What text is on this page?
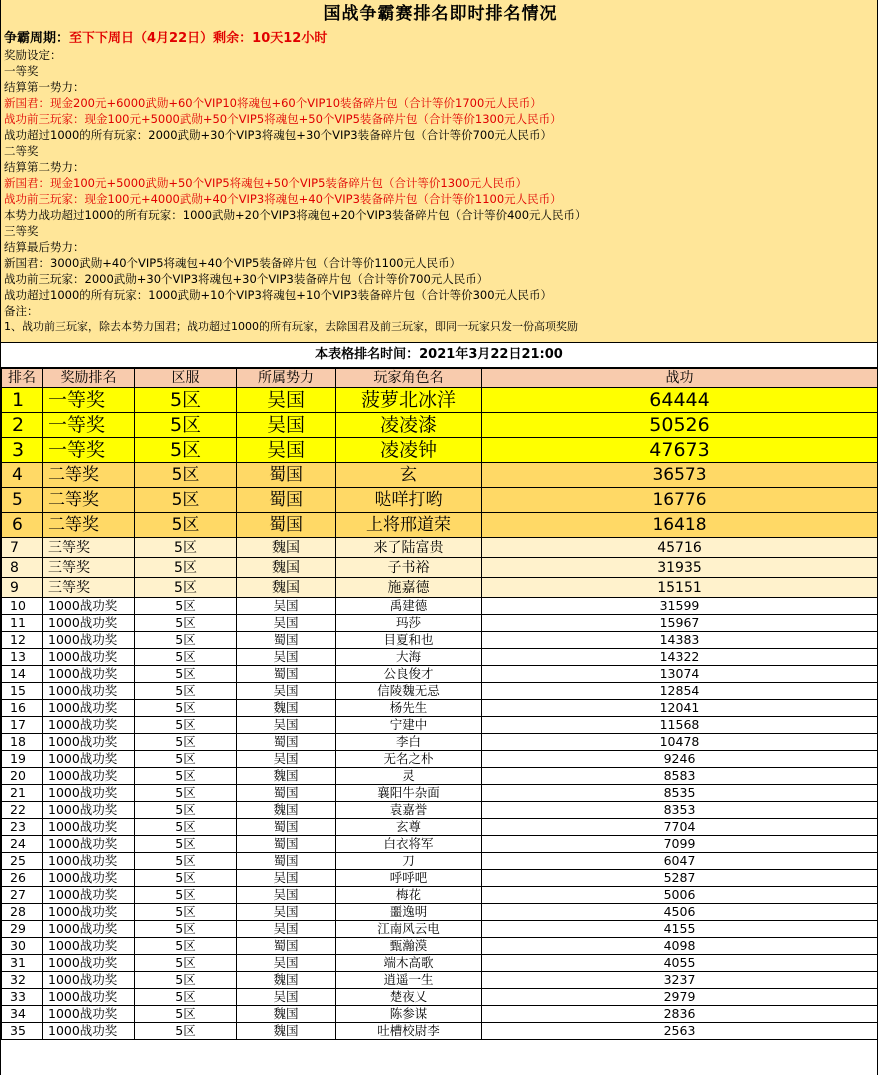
国战争霸赛排名即时排名情况
争霸周期：至下下周日（4月22日）剩余：10天12小时
奖励设定：
一等奖
结算第一势力：
新国君：现金200元+6000武勋+60个VIP10将魂包+60个VIP10装备碎片包（合计等价1700元人民币）
战功前三玩家：现金100元+5000武勋+50个VIP5将魂包+50个VIP5装备碎片包（合计等价1300元人民币）
战功超过1000的所有玩家：2000武勋+30个VIP3将魂包+30个VIP3装备碎片包（合计等价700元人民币）
二等奖
结算第二势力：
新国君：现金100元+5000武勋+50个VIP5将魂包+50个VIP5装备碎片包（合计等价1300元人民币）
战功前三玩家：现金100元+4000武勋+40个VIP3将魂包+40个VIP3装备碎片包（合计等价1100元人民币）
本势力战功超过1000的所有玩家：1000武勋+20个VIP3将魂包+20个VIP3装备碎片包（合计等价400元人民币）
三等奖
结算最后势力：
新国君：3000武勋+40个VIP5将魂包+40个VIP5装备碎片包（合计等价1100元人民币）
战功前三玩家：2000武勋+30个VIP3将魂包+30个VIP3装备碎片包（合计等价700元人民币）
战功超过1000的所有玩家：1000武勋+10个VIP3将魂包+10个VIP3装备碎片包（合计等价300元人民币）
备注：
1、战功前三玩家，除去本势力国君；战功超过1000的所有玩家，去除国君及前三玩家，即同一玩家只发一份高项奖励
本表格排名时间：2021年3月22日21:00
排名	奖励排名	区服	所属势力	玩家角色名	战功
1	一等奖	5区	吴国	菠萝北冰洋	64444
2	一等奖	5区	吴国	凌凌漆	50526
3	一等奖	5区	吴国	凌凌钟	47673
4	二等奖	5区	蜀国	玄	36573
5	二等奖	5区	蜀国	哒咩打哟	16776
6	二等奖	5区	蜀国	上将邢道荣	16418
7	三等奖	5区	魏国	来了陆富贵	45716
8	三等奖	5区	魏国	子书裕	31935
9	三等奖	5区	魏国	施嘉德	15151
10	1000战功奖	5区	吴国	禹建德	31599
11	1000战功奖	5区	吴国	玛莎	15967
12	1000战功奖	5区	蜀国	目夏和也	14383
13	1000战功奖	5区	吴国	大海	14322
14	1000战功奖	5区	蜀国	公良俊才	13074
15	1000战功奖	5区	吴国	信陵魏无忌	12854
16	1000战功奖	5区	魏国	杨先生	12041
17	1000战功奖	5区	吴国	宁建中	11568
18	1000战功奖	5区	蜀国	李白	10478
19	1000战功奖	5区	吴国	无名之朴	9246
20	1000战功奖	5区	魏国	灵	8583
21	1000战功奖	5区	蜀国	襄阳牛杂面	8535
22	1000战功奖	5区	魏国	袁嘉誉	8353
23	1000战功奖	5区	蜀国	玄尊	7704
24	1000战功奖	5区	蜀国	白衣将军	7099
25	1000战功奖	5区	蜀国	刀	6047
26	1000战功奖	5区	吴国	呼呼吧	5287
27	1000战功奖	5区	吴国	梅花	5006
28	1000战功奖	5区	吴国	噩逸明	4506
29	1000战功奖	5区	吴国	江南风云电	4155
30	1000战功奖	5区	蜀国	甄瀚漠	4098
31	1000战功奖	5区	吴国	端木高歌	4055
32	1000战功奖	5区	魏国	逍遥一生	3237
33	1000战功奖	5区	吴国	楚夜乂	2979
34	1000战功奖	5区	魏国	陈参谋	2836
35	1000战功奖	5区	魏国	吐槽校尉李	2563
